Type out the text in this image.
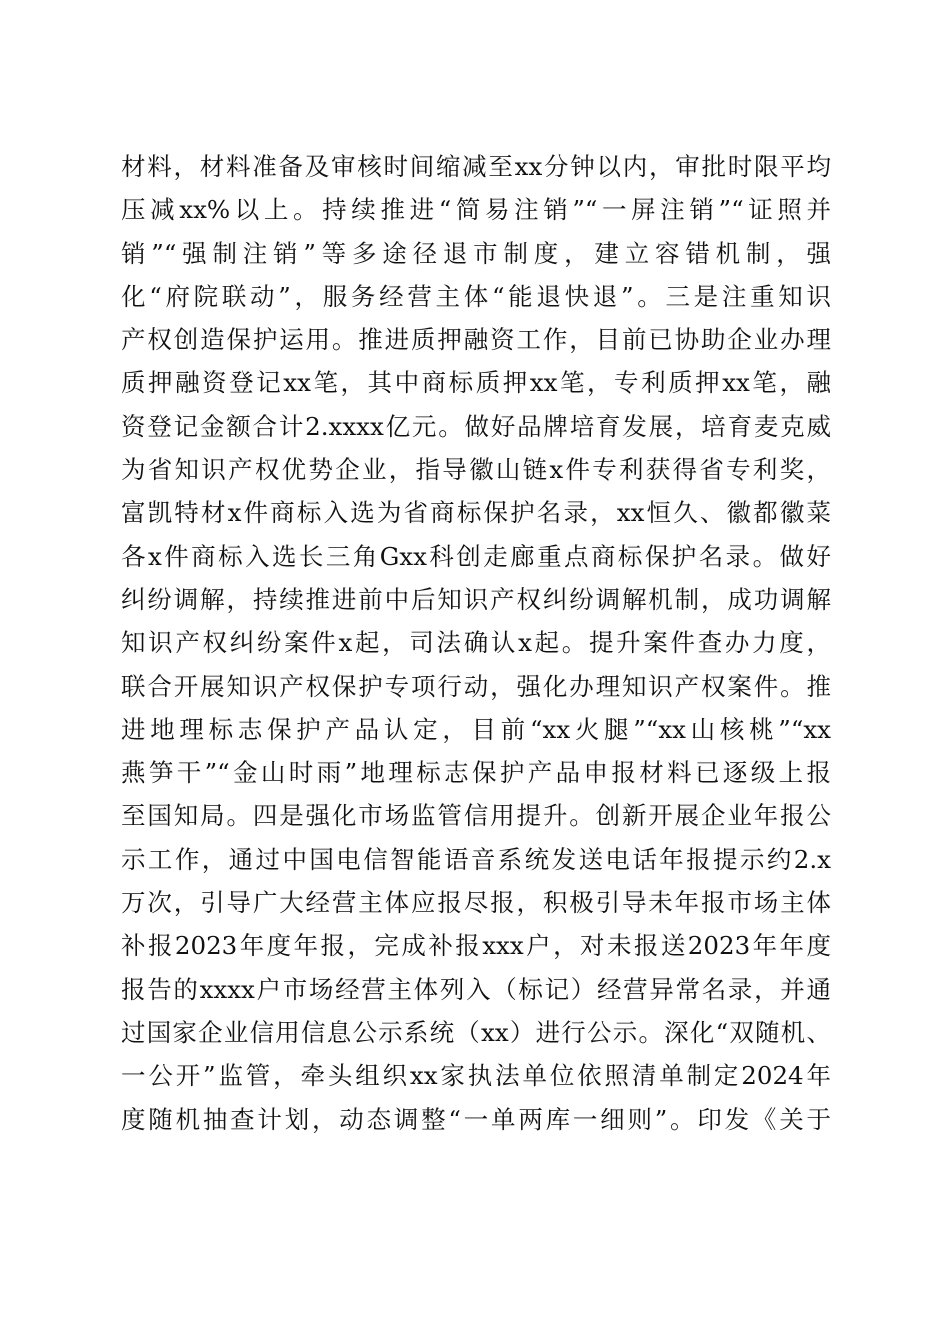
材料，材料准备及审核时间缩减至xx分钟以内，审批时限平均
压减xx%以上。持续推进“简易注销”“一屏注销”“证照并
销”“强制注销”等多途径退市制度，建立容错机制，强
化“府院联动”，服务经营主体“能退快退”。三是注重知识
产权创造保护运用。推进质押融资工作，目前已协助企业办理
质押融资登记xx笔，其中商标质押xx笔，专利质押xx笔，融
资登记金额合计2.xxxx亿元。做好品牌培育发展，培育麦克威
为省知识产权优势企业，指导徽山链x件专利获得省专利奖，
富凯特材x件商标入选为省商标保护名录，xx恒久、徽都徽菜
各x件商标入选长三角Gxx科创走廊重点商标保护名录。做好
纠纷调解，持续推进前中后知识产权纠纷调解机制，成功调解
知识产权纠纷案件x起，司法确认x起。提升案件查办力度，
联合开展知识产权保护专项行动，强化办理知识产权案件。推
进地理标志保护产品认定，目前“xx火腿”“xx山核桃”“xx
燕笋干”“金山时雨”地理标志保护产品申报材料已逐级上报
至国知局。四是强化市场监管信用提升。创新开展企业年报公
示工作，通过中国电信智能语音系统发送电话年报提示约2.x
万次，引导广大经营主体应报尽报，积极引导未年报市场主体
补报2023年度年报，完成补报xxx户，对未报送2023年年度
报告的xxxx户市场经营主体列入（标记）经营异常名录，并通
过国家企业信用信息公示系统（xx）进行公示。深化“双随机、
一公开”监管，牵头组织xx家执法单位依照清单制定2024年
度随机抽查计划，动态调整“一单两库一细则”。印发《关于
